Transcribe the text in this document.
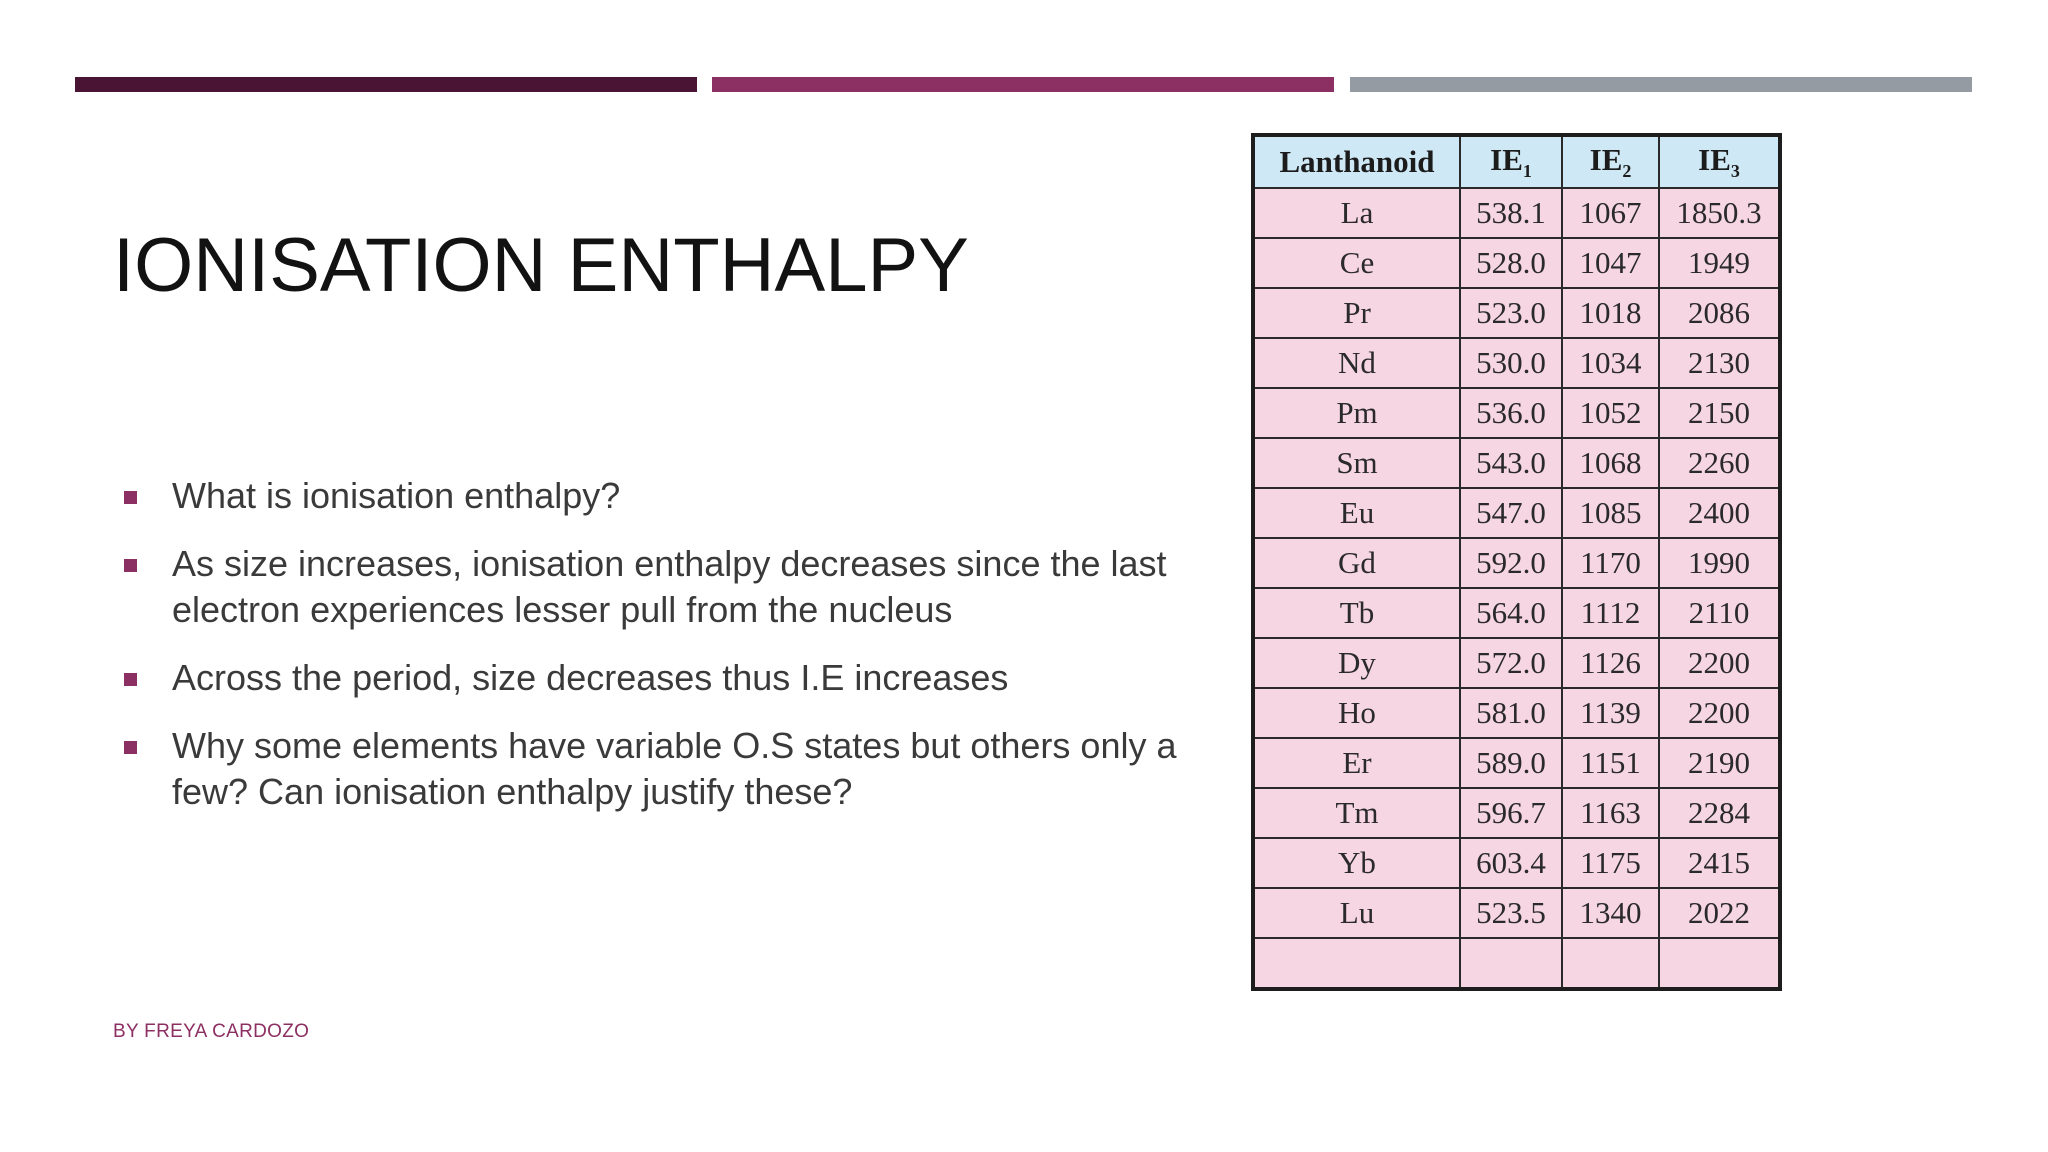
IONISATION ENTHALPY
What is ionisation enthalpy?
As size increases, ionisation enthalpy decreases since the last electron experiences lesser pull from the nucleus
Across the period, size decreases thus I.E increases
Why some elements have variable O.S states but others only a few? Can ionisation enthalpy justify these?
BY FREYA CARDOZO
Lanthanoid	$IE_1$	$IE_2$	$IE_3$
La	538.1	1067	1850.3
Ce	528.0	1047	1949
Pr	523.0	1018	2086
Nd	530.0	1034	2130
Pm	536.0	1052	2150
Sm	543.0	1068	2260
Eu	547.0	1085	2400
Gd	592.0	1170	1990
Tb	564.0	1112	2110
Dy	572.0	1126	2200
Ho	581.0	1139	2200
Er	589.0	1151	2190
Tm	596.7	1163	2284
Yb	603.4	1175	2415
Lu	523.5	1340	2022
